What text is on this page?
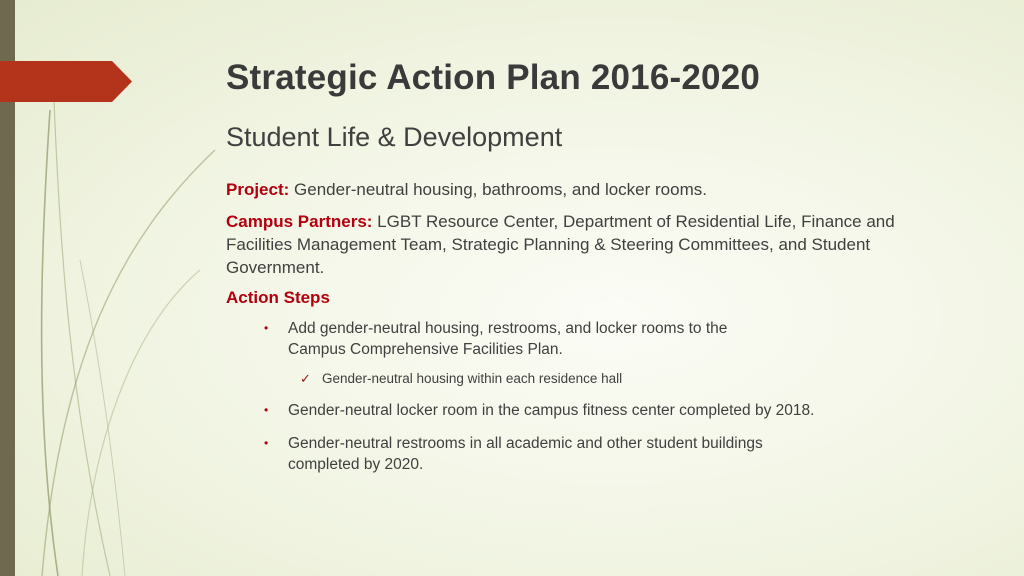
Strategic Action Plan 2016-2020
Student Life & Development

Project: Gender-neutral housing, bathrooms, and locker rooms.

Campus Partners: LGBT Resource Center, Department of Residential Life, Finance and Facilities Management Team, Strategic Planning & Steering Committees, and Student Government.

Action Steps
• Add gender-neutral housing, restrooms, and locker rooms to the
Campus Comprehensive Facilities Plan.
✓ Gender-neutral housing within each residence hall
• Gender-neutral locker room in the campus fitness center completed by 2018.
• Gender-neutral restrooms in all academic and other student buildings
completed by 2020.
